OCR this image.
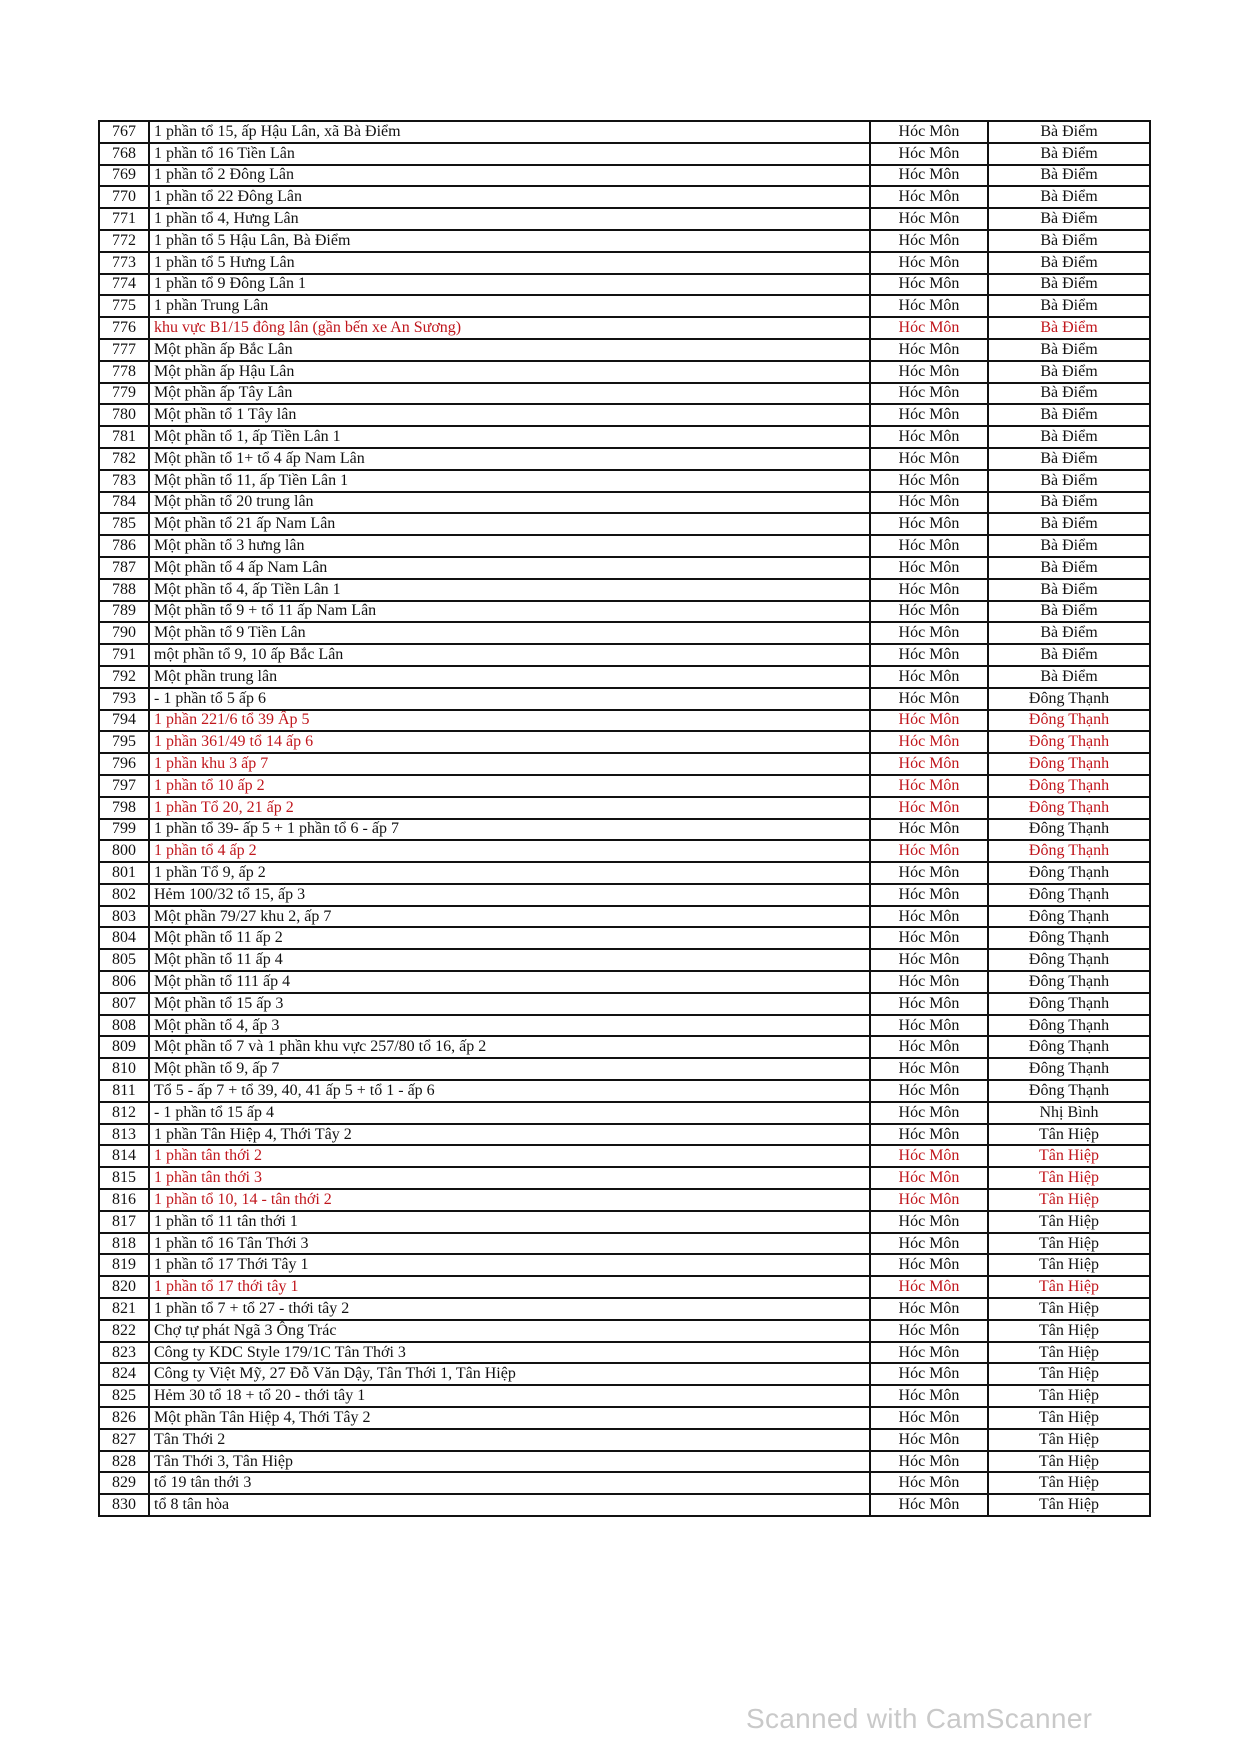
767	1 phần tổ 15, ấp Hậu Lân, xã Bà Điểm	Hóc Môn	Bà Điểm
768	1 phần tổ 16 Tiền Lân	Hóc Môn	Bà Điểm
769	1 phần tổ 2 Đông Lân	Hóc Môn	Bà Điểm
770	1 phần tổ 22 Đông Lân	Hóc Môn	Bà Điểm
771	1 phần tổ 4, Hưng Lân	Hóc Môn	Bà Điểm
772	1 phần tổ 5 Hậu Lân, Bà Điểm	Hóc Môn	Bà Điểm
773	1 phần tổ 5 Hưng Lân	Hóc Môn	Bà Điểm
774	1 phần tổ 9 Đông Lân 1	Hóc Môn	Bà Điểm
775	1 phần Trung Lân	Hóc Môn	Bà Điểm
776	khu vực B1/15 đông lân (gần bến xe An Sương)	Hóc Môn	Bà Điểm
777	Một phần ấp Bắc Lân	Hóc Môn	Bà Điểm
778	Một phần ấp Hậu Lân	Hóc Môn	Bà Điểm
779	Một phần ấp Tây Lân	Hóc Môn	Bà Điểm
780	Một phần tổ 1 Tây lân	Hóc Môn	Bà Điểm
781	Một phần tổ 1, ấp Tiền Lân 1	Hóc Môn	Bà Điểm
782	Một phần tổ 1+ tổ 4 ấp Nam Lân	Hóc Môn	Bà Điểm
783	Một phần tổ 11, ấp Tiền Lân 1	Hóc Môn	Bà Điểm
784	Một phần tổ 20 trung lân	Hóc Môn	Bà Điểm
785	Một phần tổ 21 ấp Nam Lân	Hóc Môn	Bà Điểm
786	Một phần tổ 3 hưng lân	Hóc Môn	Bà Điểm
787	Một phần tổ 4 ấp Nam Lân	Hóc Môn	Bà Điểm
788	Một phần tổ 4, ấp Tiền Lân 1	Hóc Môn	Bà Điểm
789	Một phần tổ 9 + tổ 11 ấp Nam Lân	Hóc Môn	Bà Điểm
790	Một phần tổ 9 Tiền Lân	Hóc Môn	Bà Điểm
791	một phần tổ 9, 10 ấp Bắc Lân	Hóc Môn	Bà Điểm
792	Một phần trung lân	Hóc Môn	Bà Điểm
793	- 1 phần tổ 5 ấp 6	Hóc Môn	Đông Thạnh
794	1 phần 221/6 tổ 39 Ấp 5	Hóc Môn	Đông Thạnh
795	1 phần 361/49 tổ 14 ấp 6	Hóc Môn	Đông Thạnh
796	1 phần khu 3 ấp 7	Hóc Môn	Đông Thạnh
797	1 phần tổ 10 ấp 2	Hóc Môn	Đông Thạnh
798	1 phần Tổ 20, 21 ấp 2	Hóc Môn	Đông Thạnh
799	1 phần tổ 39- ấp 5 + 1 phần tổ 6 - ấp 7	Hóc Môn	Đông Thạnh
800	1 phần tổ 4 ấp 2	Hóc Môn	Đông Thạnh
801	1 phần Tổ 9, ấp 2	Hóc Môn	Đông Thạnh
802	Hẻm 100/32 tổ 15, ấp 3	Hóc Môn	Đông Thạnh
803	Một phần 79/27 khu 2, ấp 7	Hóc Môn	Đông Thạnh
804	Một phần tổ 11 ấp 2	Hóc Môn	Đông Thạnh
805	Một phần tổ 11 ấp 4	Hóc Môn	Đông Thạnh
806	Một phần tổ 111 ấp 4	Hóc Môn	Đông Thạnh
807	Một phần tổ 15 ấp 3	Hóc Môn	Đông Thạnh
808	Một phần tổ 4, ấp 3	Hóc Môn	Đông Thạnh
809	Một phần tổ 7 và 1 phần khu vực 257/80 tổ 16, ấp 2	Hóc Môn	Đông Thạnh
810	Một phần tổ 9, ấp 7	Hóc Môn	Đông Thạnh
811	Tổ 5 - ấp 7 + tổ 39, 40, 41 ấp 5 + tổ 1 - ấp 6	Hóc Môn	Đông Thạnh
812	- 1 phần tổ 15 ấp 4	Hóc Môn	Nhị Bình
813	1 phần Tân Hiệp 4, Thới Tây 2	Hóc Môn	Tân Hiệp
814	1 phần tân thới 2	Hóc Môn	Tân Hiệp
815	1 phần tân thới 3	Hóc Môn	Tân Hiệp
816	1 phần tổ 10, 14 - tân thới 2	Hóc Môn	Tân Hiệp
817	1 phần tổ 11 tân thới 1	Hóc Môn	Tân Hiệp
818	1 phần tổ 16 Tân Thới 3	Hóc Môn	Tân Hiệp
819	1 phần tổ 17 Thới Tây 1	Hóc Môn	Tân Hiệp
820	1 phần tổ 17 thới tây 1	Hóc Môn	Tân Hiệp
821	1 phần tổ 7 + tổ 27 - thới tây 2	Hóc Môn	Tân Hiệp
822	Chợ tự phát Ngã 3 Ông Trác	Hóc Môn	Tân Hiệp
823	Công ty KDC Style 179/1C Tân Thới 3	Hóc Môn	Tân Hiệp
824	Công ty Việt Mỹ, 27 Đỗ Văn Dậy, Tân Thới 1, Tân Hiệp	Hóc Môn	Tân Hiệp
825	Hẻm 30 tổ 18 + tổ 20 - thới tây 1	Hóc Môn	Tân Hiệp
826	Một phần Tân Hiệp 4, Thới Tây 2	Hóc Môn	Tân Hiệp
827	Tân Thới 2	Hóc Môn	Tân Hiệp
828	Tân Thới 3, Tân Hiệp	Hóc Môn	Tân Hiệp
829	tổ 19 tân thới 3	Hóc Môn	Tân Hiệp
830	tổ 8 tân hòa	Hóc Môn	Tân Hiệp
Scanned with CamScanner
